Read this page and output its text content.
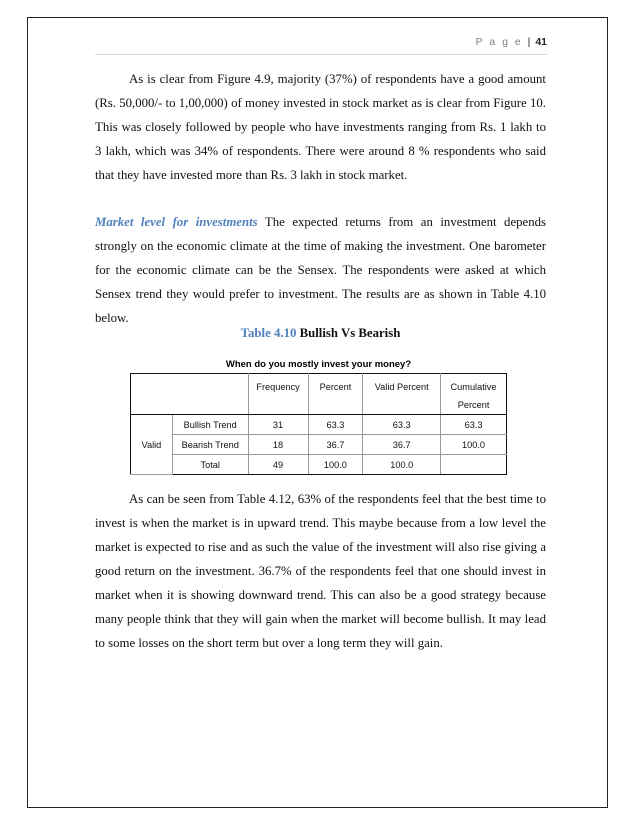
P a g e | 41

As is clear from Figure 4.9, majority (37%) of respondents have a good amount (Rs. 50,000/- to 1,00,000) of money invested in stock market as is clear from Figure 10. This was closely followed by people who have investments ranging from Rs. 1 lakh to 3 lakh, which was 34% of respondents. There were around 8 % respondents who said that they have invested more than Rs. 3 lakh in stock market.

Market level for investments The expected returns from an investment depends strongly on the economic climate at the time of making the investment. One barometer for the economic climate can be the Sensex. The respondents were asked at which Sensex trend they would prefer to investment. The results are as shown in Table 4.10 below.

Table 4.10 Bullish Vs Bearish
When do you mostly invest your money?
		Frequency	Percent	Valid Percent	Cumulative Percent
Valid	Bullish Trend	31	63.3	63.3	63.3
	Bearish Trend	18	36.7	36.7	100.0
	Total	49	100.0	100.0	

As can be seen from Table 4.12, 63% of the respondents feel that the best time to invest is when the market is in upward trend. This maybe because from a low level the market is expected to rise and as such the value of the investment will also rise giving a good return on the investment. 36.7% of the respondents feel that one should invest in market when it is showing downward trend. This can also be a good strategy because many people think that they will gain when the market will become bullish. It may lead to some losses on the short term but over a long term they will gain.
